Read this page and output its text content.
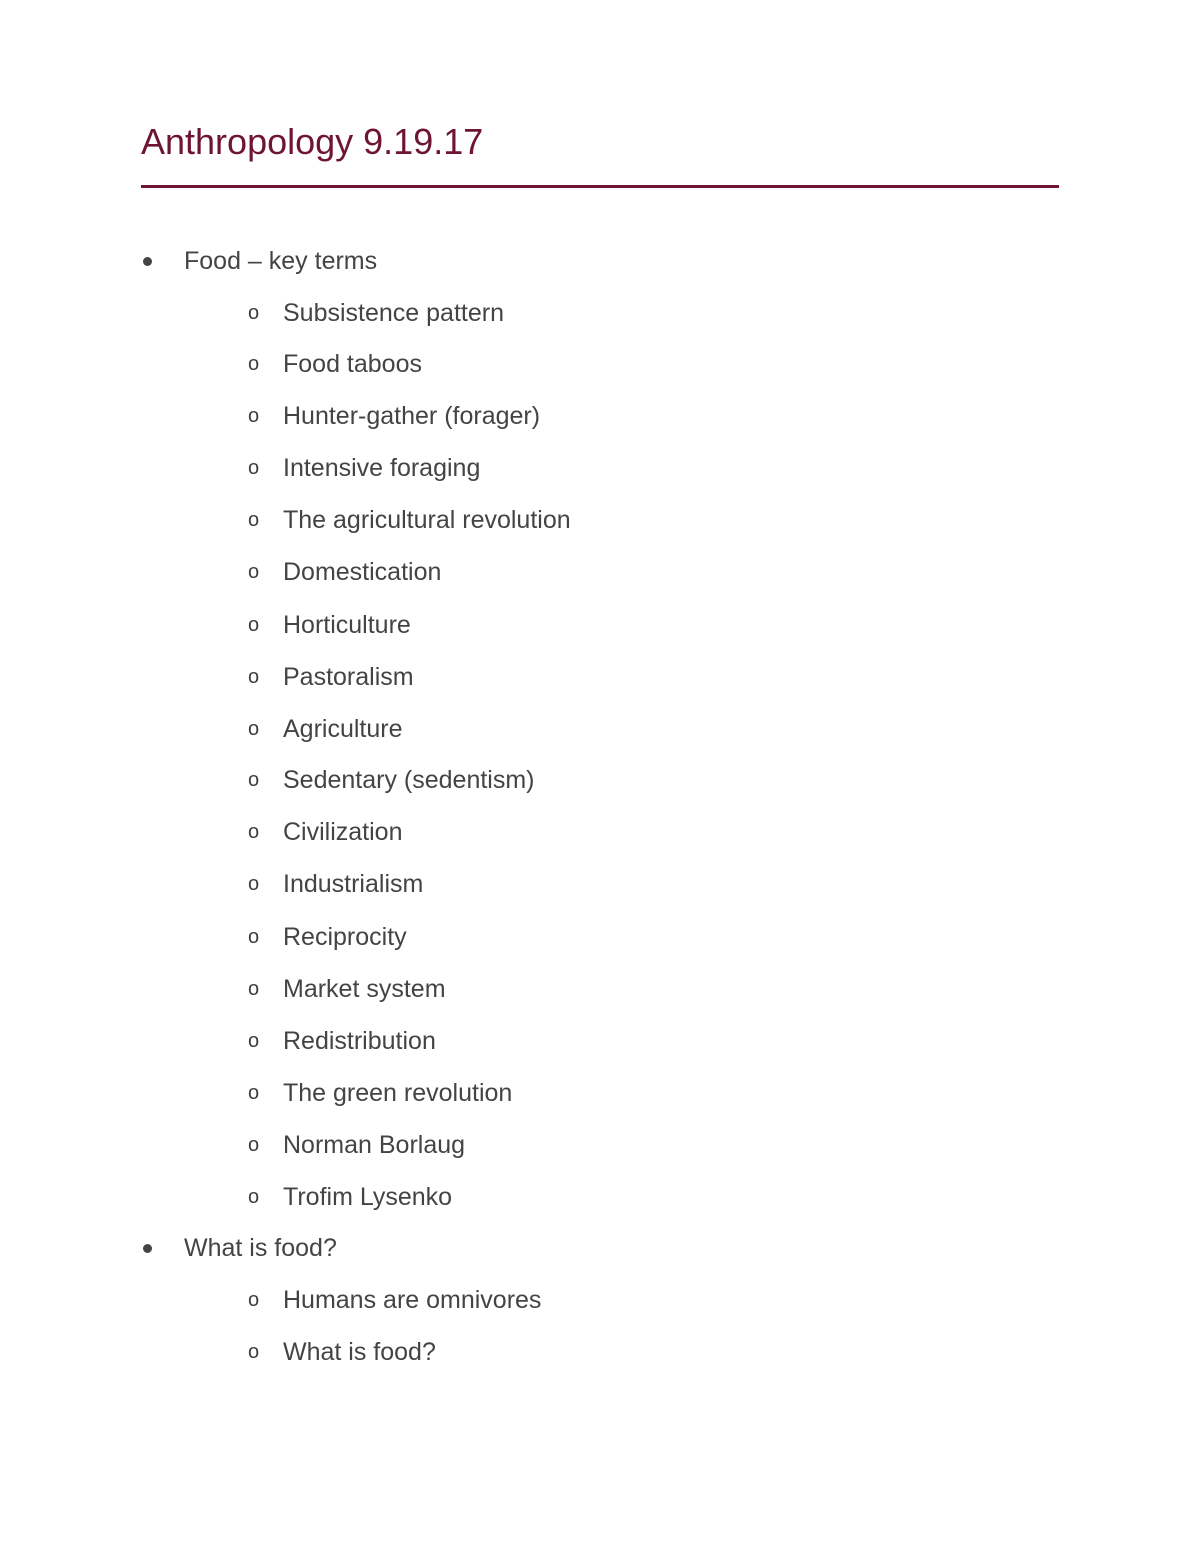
Anthropology 9.19.17
Food – key terms
o Subsistence pattern
o Food taboos
o Hunter-gather (forager)
o Intensive foraging
o The agricultural revolution
o Domestication
o Horticulture
o Pastoralism
o Agriculture
o Sedentary (sedentism)
o Civilization
o Industrialism
o Reciprocity
o Market system
o Redistribution
o The green revolution
o Norman Borlaug
o Trofim Lysenko
What is food?
o Humans are omnivores
o What is food?
